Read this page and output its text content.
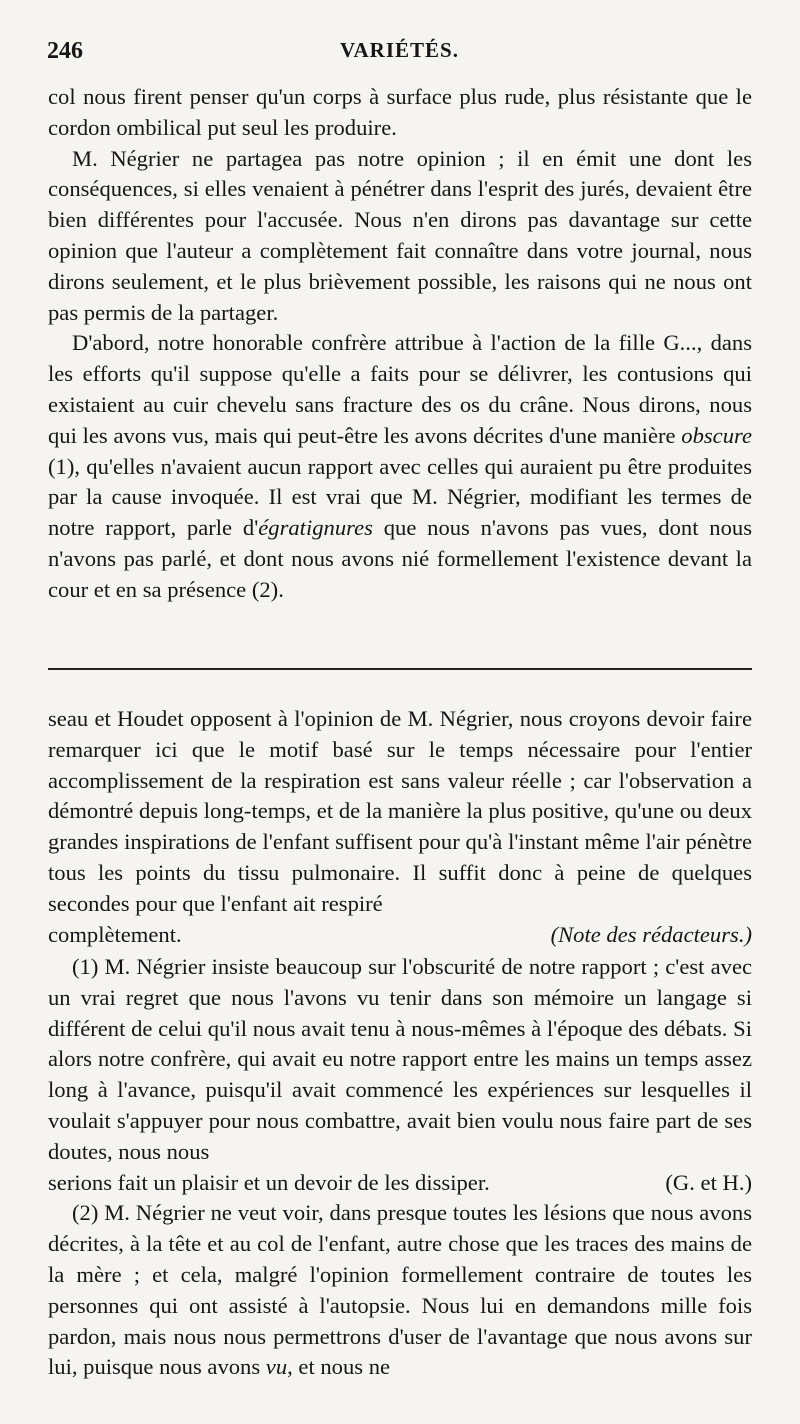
246	VARIÉTÉS.

col nous firent penser qu'un corps à surface plus rude, plus résistante que le cordon ombilical put seul les produire.

M. Négrier ne partagea pas notre opinion ; il en émit une dont les conséquences, si elles venaient à pénétrer dans l'esprit des jurés, devaient être bien différentes pour l'accusée. Nous n'en dirons pas davantage sur cette opinion que l'auteur a complètement fait connaître dans votre journal, nous dirons seulement, et le plus brièvement possible, les raisons qui ne nous ont pas permis de la partager.

D'abord, notre honorable confrère attribue à l'action de la fille G..., dans les efforts qu'il suppose qu'elle a faits pour se délivrer, les contusions qui existaient au cuir chevelu sans fracture des os du crâne. Nous dirons, nous qui les avons vus, mais qui peut-être les avons décrites d'une manière obscure (1), qu'elles n'avaient aucun rapport avec celles qui auraient pu être produites par la cause invoquée. Il est vrai que M. Négrier, modifiant les termes de notre rapport, parle d'égratignures que nous n'avons pas vues, dont nous n'avons pas parlé, et dont nous avons nié formellement l'existence devant la cour et en sa présence (2).

seau et Houdet opposent à l'opinion de M. Négrier, nous croyons devoir faire remarquer ici que le motif basé sur le temps nécessaire pour l'entier accomplissement de la respiration est sans valeur réelle ; car l'observation a démontré depuis long-temps, et de la manière la plus positive, qu'une ou deux grandes inspirations de l'enfant suffisent pour qu'à l'instant même l'air pénètre tous les points du tissu pulmonaire. Il suffit donc à peine de quelques secondes pour que l'enfant ait respiré

complètement.	(Note des rédacteurs.)

(1) M. Négrier insiste beaucoup sur l'obscurité de notre rapport ; c'est avec un vrai regret que nous l'avons vu tenir dans son mémoire un langage si différent de celui qu'il nous avait tenu à nous-mêmes à l'époque des débats. Si alors notre confrère, qui avait eu notre rapport entre les mains un temps assez long à l'avance, puisqu'il avait commencé les expériences sur lesquelles il voulait s'appuyer pour nous combattre, avait bien voulu nous faire part de ses doutes, nous nous

serions fait un plaisir et un devoir de les dissiper.	(G. et H.)

(2) M. Négrier ne veut voir, dans presque toutes les lésions que nous avons décrites, à la tête et au col de l'enfant, autre chose que les traces des mains de la mère ; et cela, malgré l'opinion formellement contraire de toutes les personnes qui ont assisté à l'autopsie. Nous lui en demandons mille fois pardon, mais nous nous permettrons d'user de l'avantage que nous avons sur lui, puisque nous avons vu, et nous ne
